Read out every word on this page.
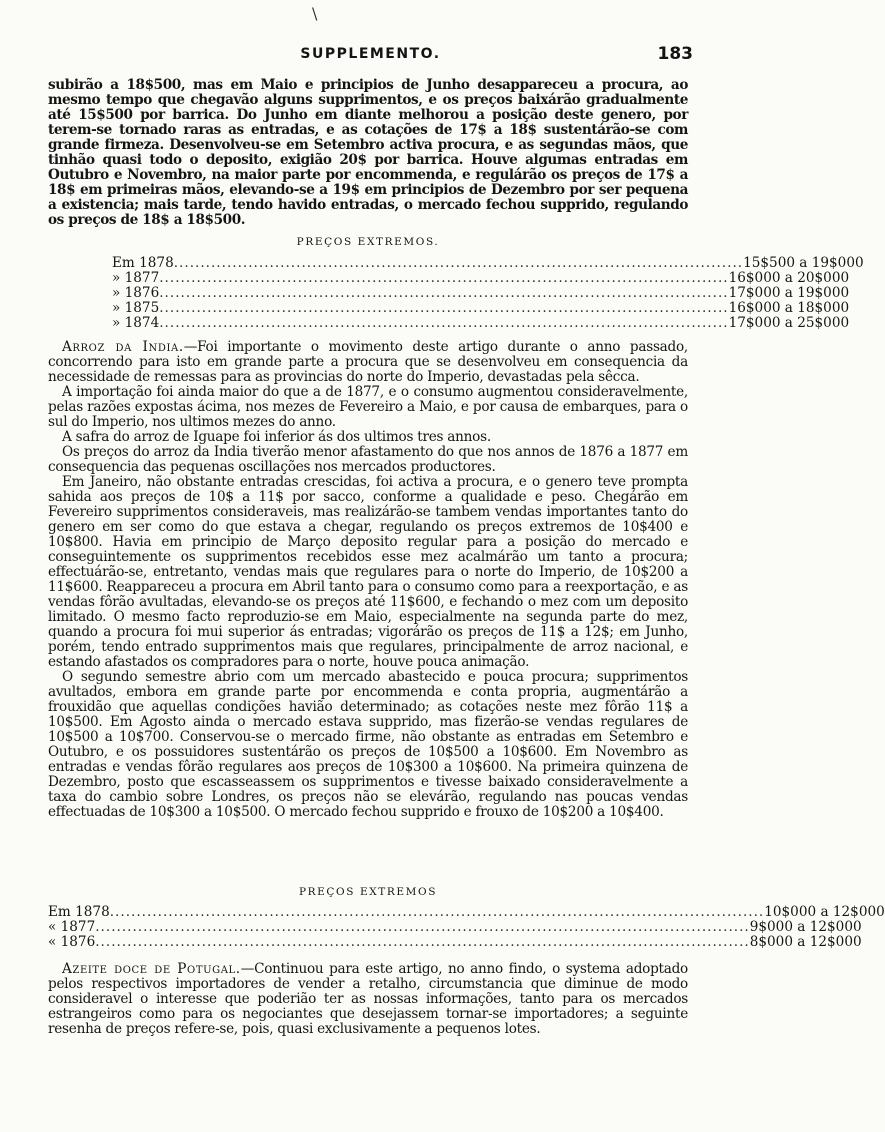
\
SUPPLEMENTO.	183

subirão a 18$500, mas em Maio e principios de Junho desappareceu a procura, ao mesmo tempo que chegavão alguns supprimentos, e os preços baixárão gradualmente até 15$500 por barrica. Do Junho em diante melhorou a posição deste genero, por terem-se tornado raras as entradas, e as cotações de 17$ a 18$ sustentárão-se com grande firmeza. Desenvolveu-se em Setembro activa procura, e as segundas mãos, que tinhão quasi todo o deposito, exigião 20$ por barrica. Houve algumas entradas em Outubro e Novembro, na maior parte por encommenda, e regulárão os preços de 17$ a 18$ em primeiras mãos, elevando-se a 19$ em principios de Dezembro por ser pequena a existencia; mais tarde, tendo havido entradas, o mercado fechou supprido, regulando os preços de 18$ a 18$500.

PREÇOS EXTREMOS.
Em 1878 ........................................................................................................... 15$500 a 19$000
» 1877 ........................................................................................................... 16$000 a 20$000
» 1876 ........................................................................................................... 17$000 a 19$000
» 1875 ........................................................................................................... 16$000 a 18$000
» 1874 ........................................................................................................... 17$000 a 25$000

Arroz da India.—Foi importante o movimento deste artigo durante o anno passado, concorrendo para isto em grande parte a procura que se desenvolveu em consequencia da necessidade de remessas para as provincias do norte do Imperio, devastadas pela sêcca.

A importação foi ainda maior do que a de 1877, e o consumo augmentou consideravelmente, pelas razões expostas ácima, nos mezes de Fevereiro a Maio, e por causa de embarques, para o sul do Imperio, nos ultimos mezes do anno.

A safra do arroz de Iguape foi inferior ás dos ultimos tres annos.

Os preços do arroz da India tiverão menor afastamento do que nos annos de 1876 a 1877 em consequencia das pequenas oscillações nos mercados productores.

Em Janeiro, não obstante entradas crescidas, foi activa a procura, e o genero teve prompta sahida aos preços de 10$ a 11$ por sacco, conforme a qualidade e peso. Chegárão em Fevereiro supprimentos consideraveis, mas realizárão-se tambem vendas importantes tanto do genero em ser como do que estava a chegar, regulando os preços extremos de 10$400 e 10$800. Havia em principio de Março deposito regular para a posição do mercado e conseguintemente os supprimentos recebidos esse mez acalmárão um tanto a procura; effectuárão-se, entretanto, vendas mais que regulares para o norte do Imperio, de 10$200 a 11$600. Reappareceu a procura em Abril tanto para o consumo como para a reexportação, e as vendas fôrão avultadas, elevando-se os preços até 11$600, e fechando o mez com um deposito limitado. O mesmo facto reproduzio-se em Maio, especialmente na segunda parte do mez, quando a procura foi mui superior ás entradas; vigorárão os preços de 11$ a 12$; em Junho, porém, tendo entrado supprimentos mais que regulares, principalmente de arroz nacional, e estando afastados os compradores para o norte, houve pouca animação.

O segundo semestre abrio com um mercado abastecido e pouca procura; supprimentos avultados, embora em grande parte por encommenda e conta propria, augmentárão a frouxidão que aquellas condições havião determinado; as cotações neste mez fôrão 11$ a 10$500. Em Agosto ainda o mercado estava supprido, mas fizerão-se vendas regulares de 10$500 a 10$700. Conservou-se o mercado firme, não obstante as entradas em Setembro e Outubro, e os possuidores sustentárão os preços de 10$500 a 10$600. Em Novembro as entradas e vendas fôrão regulares aos preços de 10$300 a 10$600. Na primeira quinzena de Dezembro, posto que escasseassem os supprimentos e tivesse baixado consideravelmente a taxa do cambio sobre Londres, os preços não se elevárão, regulando nas poucas vendas effectuadas de 10$300 a 10$500. O mercado fechou supprido e frouxo de 10$200 a 10$400.

PREÇOS EXTREMOS
Em 1878 ........................................................................................................................... 10$000 a 12$000
« 1877 ........................................................................................................................... 9$000 a 12$000
« 1876 ........................................................................................................................... 8$000 a 12$000

Azeite doce de Potugal.—Continuou para este artigo, no anno findo, o systema adoptado pelos respectivos importadores de vender a retalho, circumstancia que diminue de modo consideravel o interesse que poderião ter as nossas informações, tanto para os mercados estrangeiros como para os negociantes que desejassem tornar-se importadores; a seguinte resenha de preços refere-se, pois, quasi exclusivamente a pequenos lotes.
